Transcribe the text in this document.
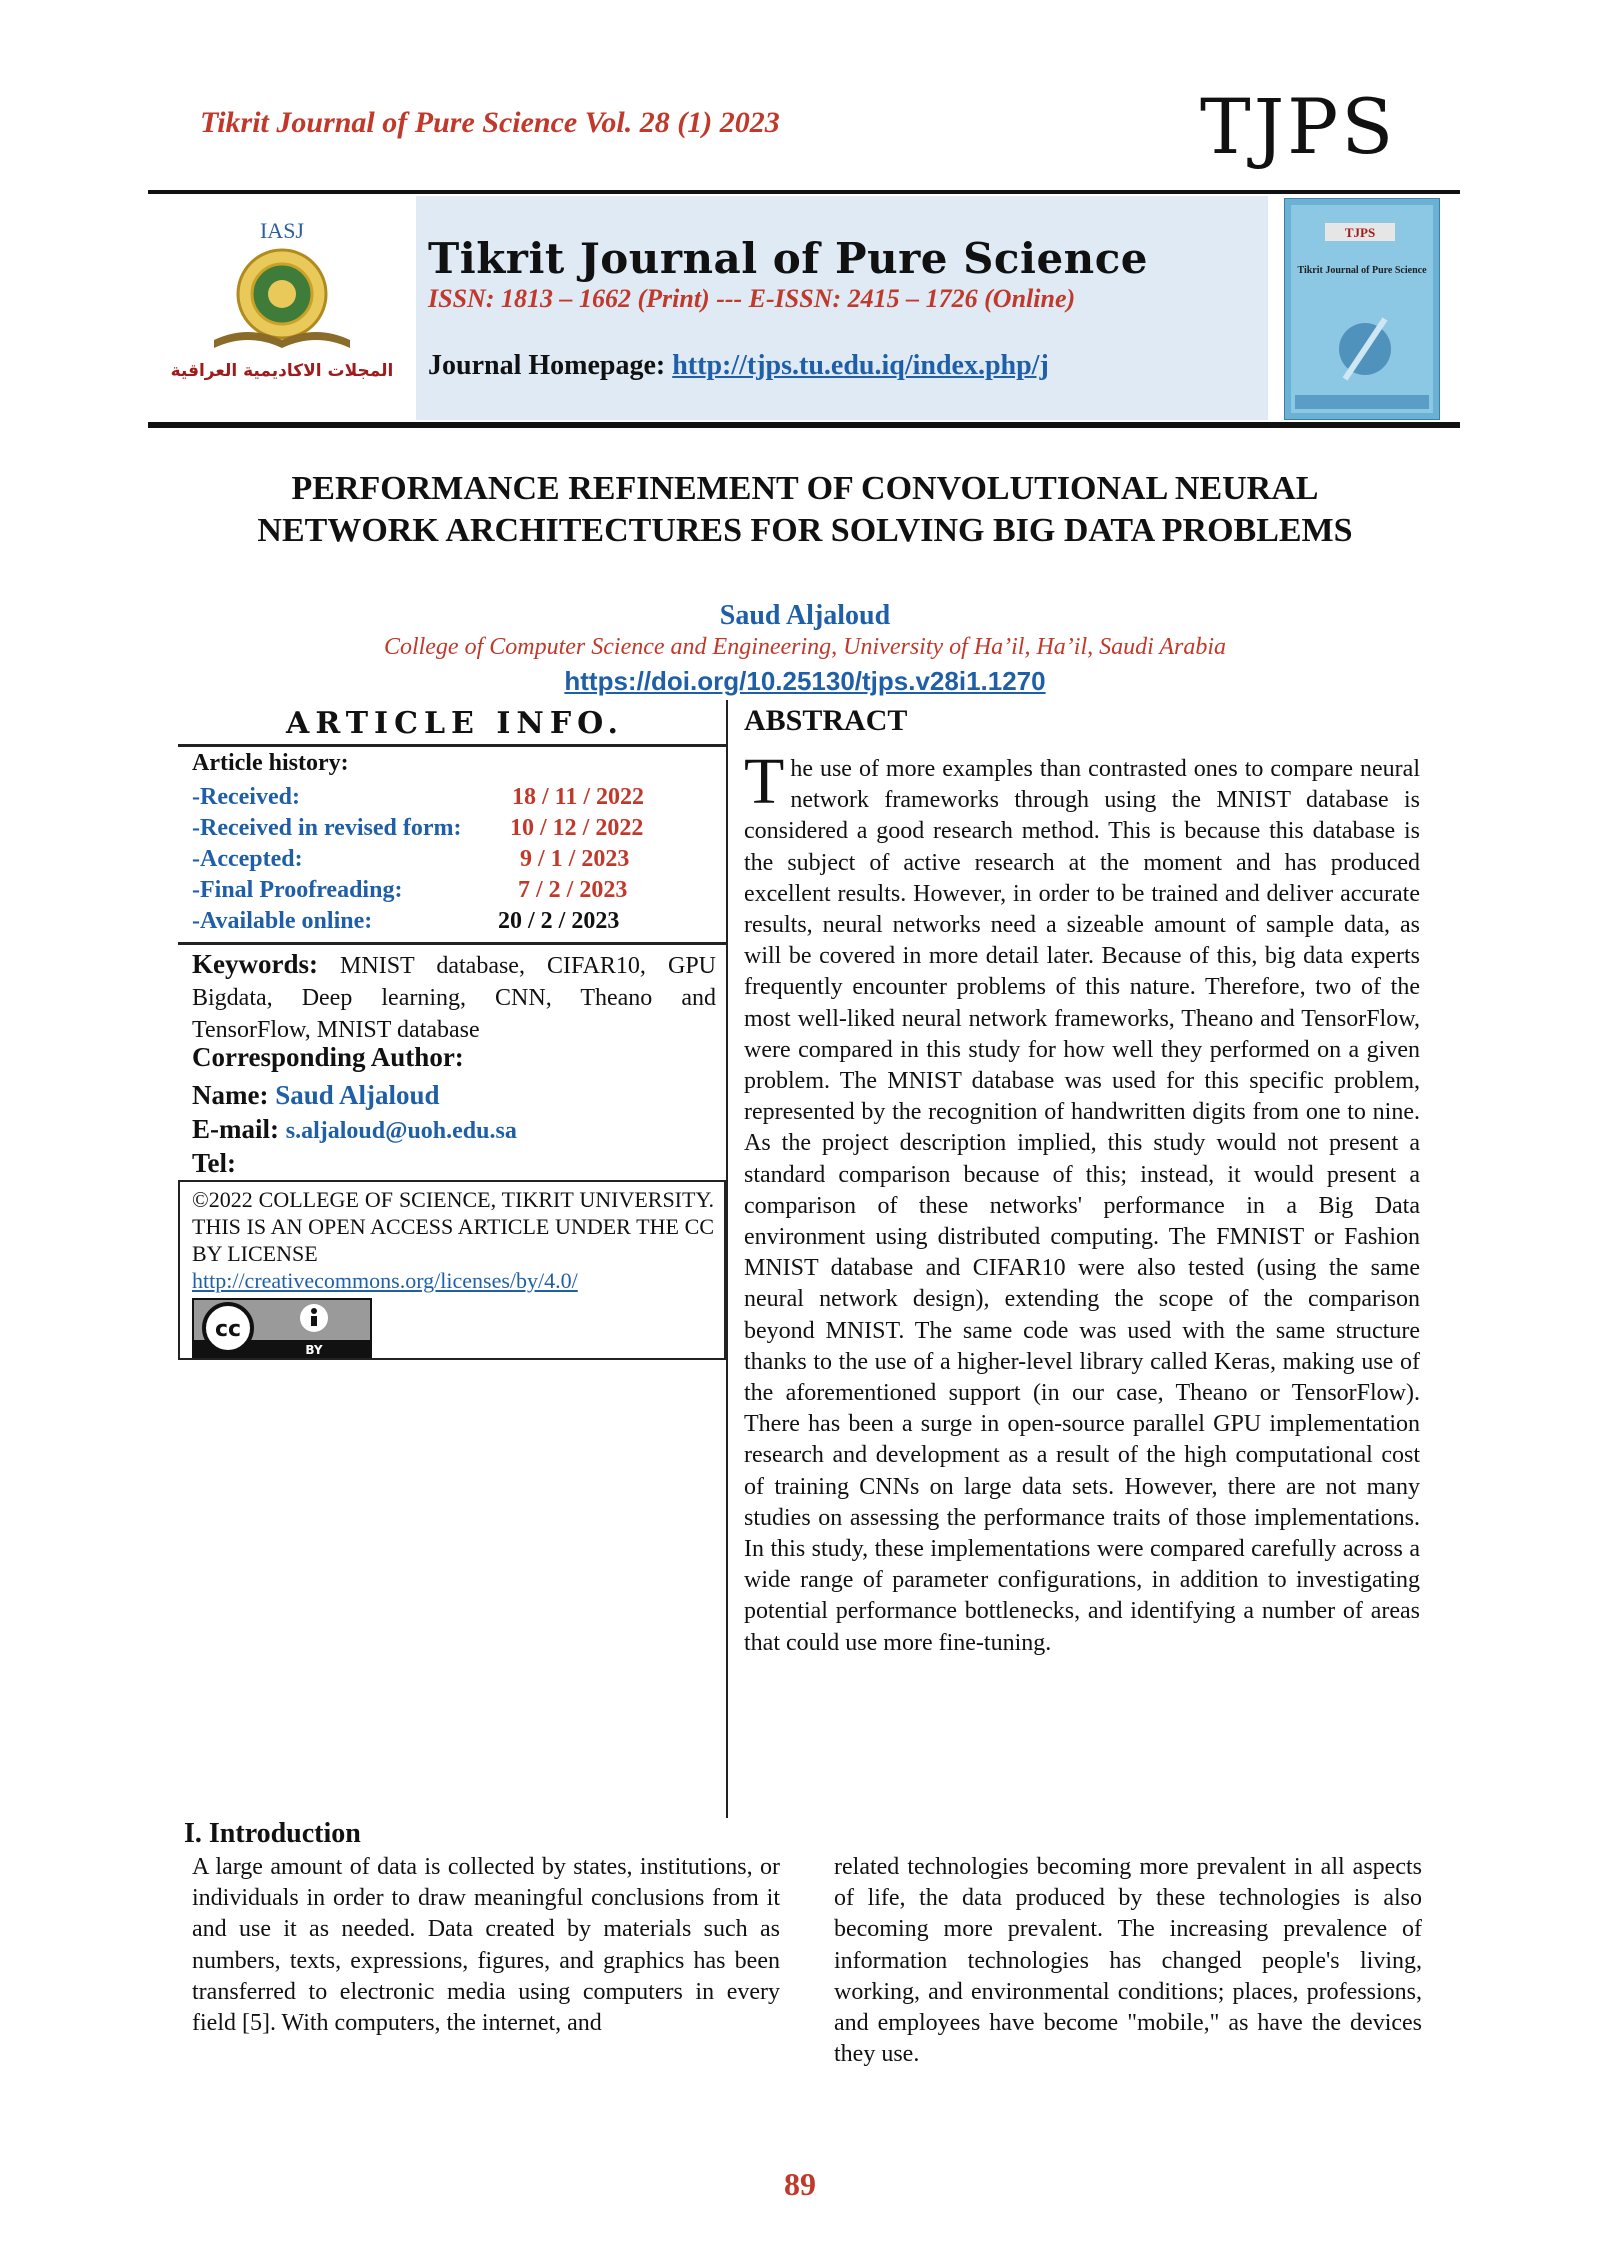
Tikrit Journal of Pure Science Vol. 28 (1) 2023	TJPS
IASJ
المجلات الاكاديمية العراقية
Tikrit Journal of Pure Science
ISSN: 1813 – 1662 (Print) --- E-ISSN: 2415 – 1726 (Online)
Journal Homepage: http://tjps.tu.edu.iq/index.php/j
TJPS
Tikrit Journal of Pure Science
PERFORMANCE REFINEMENT OF CONVOLUTIONAL NEURAL NETWORK ARCHITECTURES FOR SOLVING BIG DATA PROBLEMS
Saud Aljaloud
College of Computer Science and Engineering, University of Ha’il, Ha’il, Saudi Arabia
https://doi.org/10.25130/tjps.v28i1.1270
ARTICLE INFO.
Article history:
-Received:	18 / 11 / 2022
-Received in revised form: 10 / 12 / 2022
-Accepted:	9 / 1 / 2023
-Final Proofreading:	7 / 2 / 2023
-Available online:	20 / 2 / 2023
Keywords: MNIST database, CIFAR10, GPU Bigdata, Deep learning, CNN, Theano and TensorFlow, MNIST database
Corresponding Author:
Name: Saud Aljaloud
E-mail: s.aljaloud@uoh.edu.sa
Tel:
©2022 COLLEGE OF SCIENCE, TIKRIT UNIVERSITY. THIS IS AN OPEN ACCESS ARTICLE UNDER THE CC BY LICENSE
http://creativecommons.org/licenses/by/4.0/
cc
BY
ABSTRACT
The use of more examples than contrasted ones to compare neural network frameworks through using the MNIST database is considered a good research method. This is because this database is the subject of active research at the moment and has produced excellent results. However, in order to be trained and deliver accurate results, neural networks need a sizeable amount of sample data, as will be covered in more detail later. Because of this, big data experts frequently encounter problems of this nature. Therefore, two of the most well-liked neural network frameworks, Theano and TensorFlow, were compared in this study for how well they performed on a given problem. The MNIST database was used for this specific problem, represented by the recognition of handwritten digits from one to nine. As the project description implied, this study would not present a standard comparison because of this; instead, it would present a comparison of these networks' performance in a Big Data environment using distributed computing. The FMNIST or Fashion MNIST database and CIFAR10 were also tested (using the same neural network design), extending the scope of the comparison beyond MNIST. The same code was used with the same structure thanks to the use of a higher-level library called Keras, making use of the aforementioned support (in our case, Theano or TensorFlow). There has been a surge in open-source parallel GPU implementation research and development as a result of the high computational cost of training CNNs on large data sets. However, there are not many studies on assessing the performance traits of those implementations. In this study, these implementations were compared carefully across a wide range of parameter configurations, in addition to investigating potential performance bottlenecks, and identifying a number of areas that could use more fine-tuning.
I. Introduction
A large amount of data is collected by states, institutions, or individuals in order to draw meaningful conclusions from it and use it as needed. Data created by materials such as numbers, texts, expressions, figures, and graphics has been transferred to electronic media using computers in every field [5]. With computers, the internet, and
related technologies becoming more prevalent in all aspects of life, the data produced by these technologies is also becoming more prevalent. The increasing prevalence of information technologies has changed people's living, working, and environmental conditions; places, professions, and employees have become "mobile," as have the devices they use.
89
